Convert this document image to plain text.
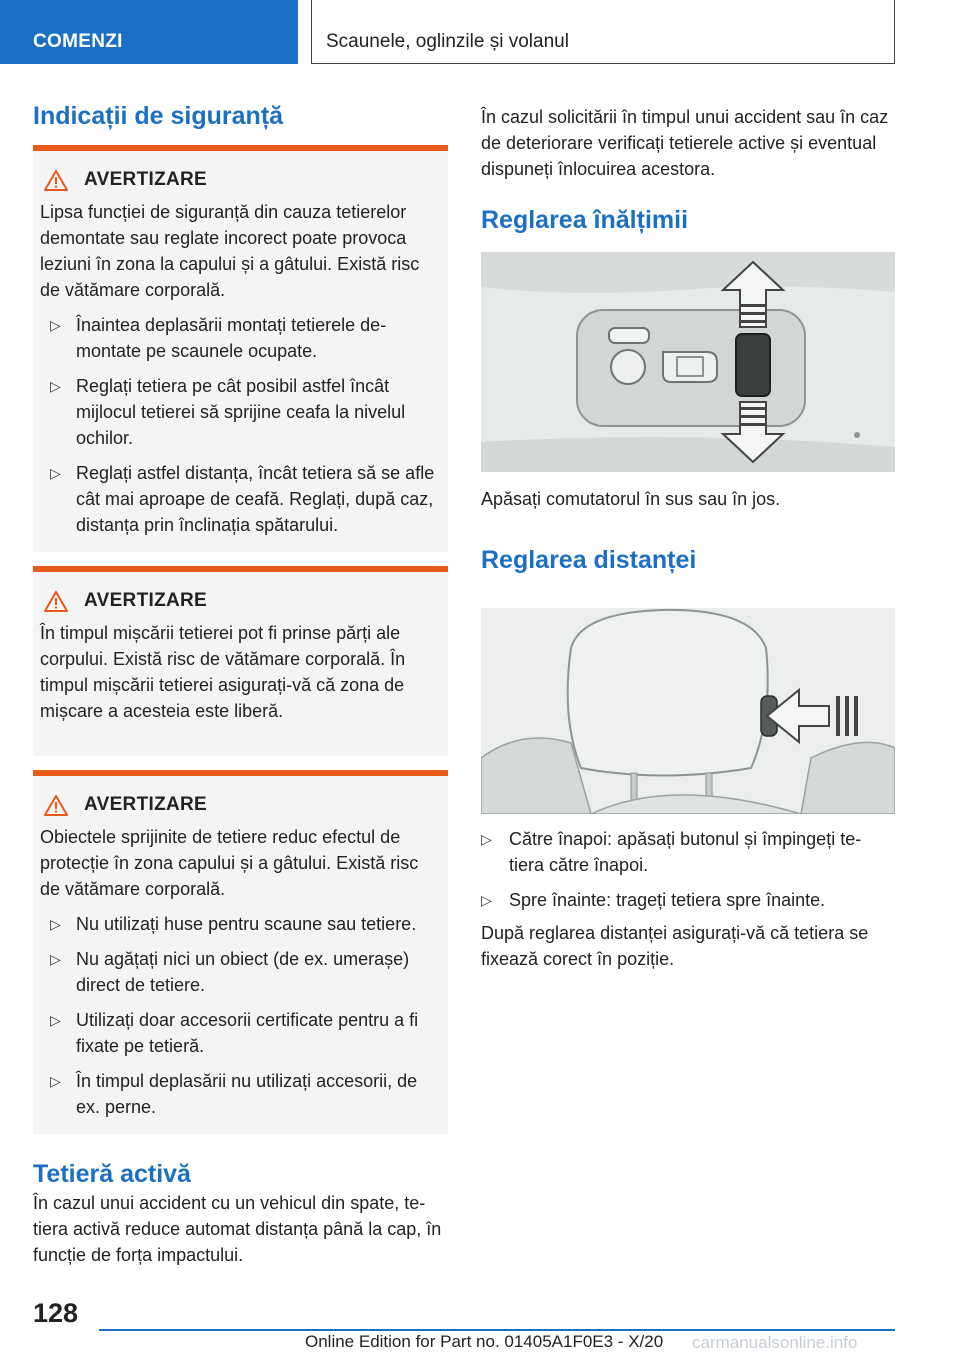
COMENZI	Scaunele, oglinzile și volanul
Indicații de siguranță
AVERTIZARE

Lipsa funcției de siguranță din cauza tetierelor demontate sau reglate incorect poate provoca leziuni în zona la capului și a gâtului. Există risc de vătămare corporală.

▷ Înaintea deplasării montați tetierele de-montate pe scaunele ocupate.
▷ Reglați tetiera pe cât posibil astfel încât mijlocul tetierei să sprijine ceafa la nivelul ochilor.
▷ Reglați astfel distanța, încât tetiera să se afle cât mai aproape de ceafă. Reglați, după caz, distanța prin înclinația spătarului.
AVERTIZARE

În timpul mișcării tetierei pot fi prinse părți ale corpului. Există risc de vătămare corporală. În timpul mișcării tetierei asigurați-vă că zona de mișcare a acesteia este liberă.

AVERTIZARE

Obiectele sprijinite de tetiere reduc efectul de protecție în zona capului și a gâtului. Există risc de vătămare corporală.

▷ Nu utilizați huse pentru scaune sau tetiere.
▷ Nu agățați nici un obiect (de ex. umerașe) direct de tetiere.
▷ Utilizați doar accesorii certificate pentru a fi fixate pe tetieră.
▷ În timpul deplasării nu utilizați accesorii, de ex. perne.
Tetieră activă

În cazul unui accident cu un vehicul din spate, te-tiera activă reduce automat distanța până la cap, în funcție de forța impactului.

În cazul solicitării în timpul unui accident sau în caz de deteriorare verificați tetierele active și eventual dispuneți înlocuirea acestora.

Reglarea înălțimii

Apăsați comutatorul în sus sau în jos.

Reglarea distanței
▷ Către înapoi: apăsați butonul și împingeți te-tiera către înapoi.
▷ Spre înainte: trageți tetiera spre înainte.

După reglarea distanței asigurați-vă că tetiera se fixează corect în poziție.

128
Online Edition for Part no. 01405A1F0E3 - X/20 carmanualsonline.info
